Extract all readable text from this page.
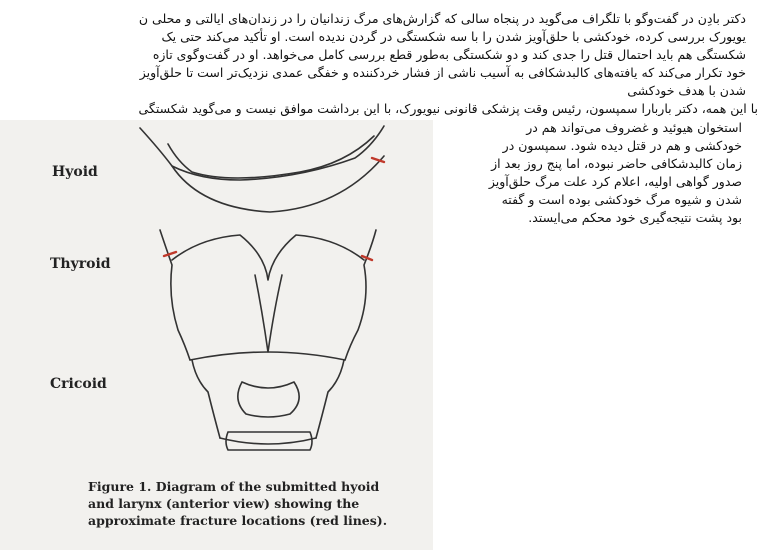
دکتر بادِن در گفت‌وگو با تلگراف می‌گوید در پنجاه سالی که گزارش‌های مرگ زندانیان را در زندان‌های ایالتی و محلی ن
یویورک بررسی کرده، خودکشی با حلق‌آویز شدن را با سه شکستگی در گردن ندیده است. او تأکید می‌کند حتی یک
شکستگی هم باید احتمال قتل را جدی کند و دو شکستگی به‌طور قطع بررسی کامل می‌خواهد. او در گفت‌وگوی تازه
خود تکرار می‌کند که یافته‌های کالبدشکافی به آسیب ناشی از فشار خردکننده و خفگی عمدی نزدیک‌تر است تا حلق‌آویز
شدن با هدف خودکشی
با این همه، دکتر باربارا سمپسون، رئیس وقت پزشکی قانونی نیویورک، با این برداشت موافق نیست و می‌گوید شکستگی
استخوان هیوئید و غضروف می‌تواند هم در
خودکشی و هم در قتل دیده شود. سمپسون در
زمان کالبدشکافی حاضر نبوده، اما پنج روز بعد از
صدور گواهی اولیه، اعلام کرد علت مرگ حلق‌آویز
شدن و شیوه مرگ خودکشی بوده است و گفته
بود پشت نتیجه‌گیری خود محکم می‌ایستد.
Hyoid
Thyroid
Cricoid
Figure 1. Diagram of the submitted hyoid
and larynx (anterior view) showing the
approximate fracture locations (red lines).
